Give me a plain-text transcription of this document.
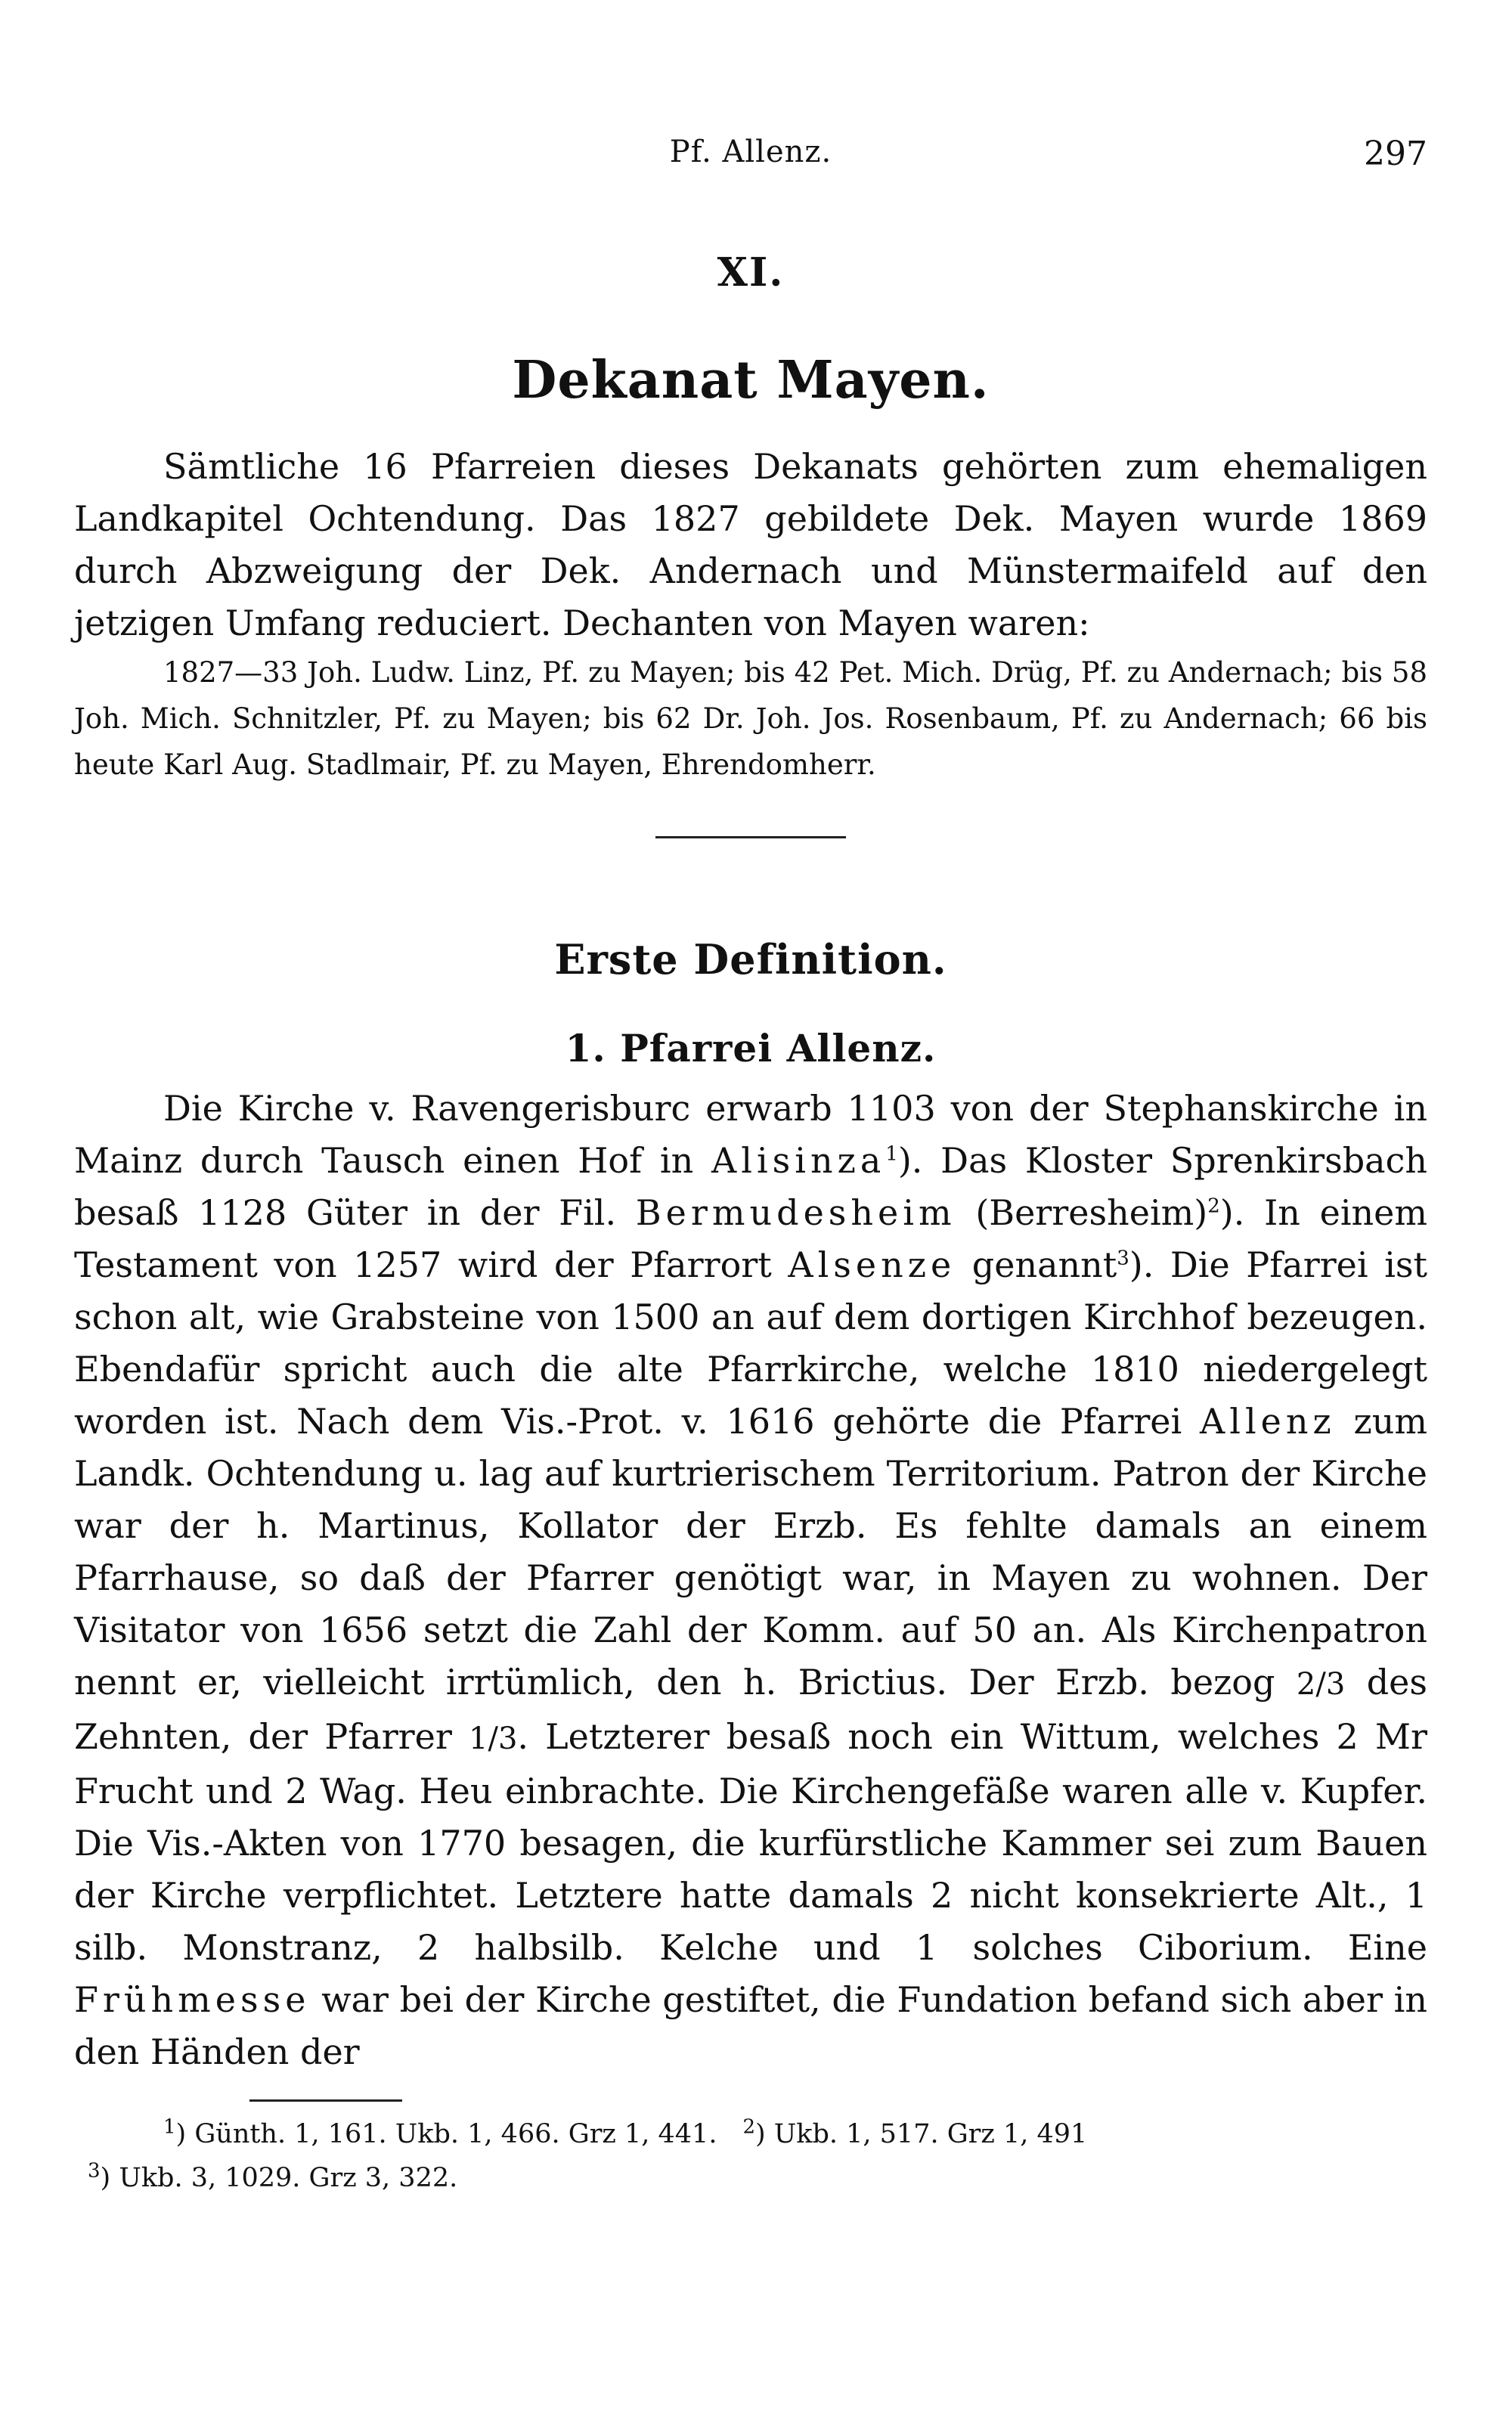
Pf. Allenz.	297
XI.
Dekanat Mayen.

Sämtliche 16 Pfarreien dieses Dekanats gehörten zum ehemaligen Landkapitel Ochtendung. Das 1827 gebildete Dek. Mayen wurde 1869 durch Abzweigung der Dek. Andernach und Münstermaifeld auf den jetzigen Umfang reduciert. Dechanten von Mayen waren:

1827—33 Joh. Ludw. Linz, Pf. zu Mayen; bis 42 Pet. Mich. Drüg, Pf. zu Andernach; bis 58 Joh. Mich. Schnitzler, Pf. zu Mayen; bis 62 Dr. Joh. Jos. Rosenbaum, Pf. zu Andernach; 66 bis heute Karl Aug. Stadlmair, Pf. zu Mayen, Ehrendomherr.

Erste Definition.
1. Pfarrei Allenz.

Die Kirche v. Ravengerisburc erwarb 1103 von der Stephanskirche in Mainz durch Tausch einen Hof in Alisinza$^1$). Das Kloster Sprenkirsbach besaß 1128 Güter in der Fil. Bermudesheim (Berresheim)$^2$). In einem Testament von 1257 wird der Pfarrort Alsenze genannt$^3$). Die Pfarrei ist schon alt, wie Grabsteine von 1500 an auf dem dortigen Kirchhof bezeugen. Ebendafür spricht auch die alte Pfarrkirche, welche 1810 niedergelegt worden ist. Nach dem Vis.-Prot. v. 1616 gehörte die Pfarrei Allenz zum Landk. Ochtendung u. lag auf kurtrierischem Territorium. Patron der Kirche war der h. Martinus, Kollator der Erzb. Es fehlte damals an einem Pfarrhause, so daß der Pfarrer genötigt war, in Mayen zu wohnen. Der Visitator von 1656 setzt die Zahl der Komm. auf 50 an. Als Kirchenpatron nennt er, vielleicht irrtümlich, den h. Brictius. Der Erzb. bezog 2/3 des Zehnten, der Pfarrer 1/3. Letzterer besaß noch ein Wittum, welches 2 Mr Frucht und 2 Wag. Heu einbrachte. Die Kirchengefäße waren alle v. Kupfer. Die Vis.-Akten von 1770 besagen, die kurfürstliche Kammer sei zum Bauen der Kirche verpflichtet. Letztere hatte damals 2 nicht konsekrierte Alt., 1 silb. Monstranz, 2 halbsilb. Kelche und 1 solches Ciborium. Eine Frühmesse war bei der Kirche gestiftet, die Fundation befand sich aber in den Händen der

$^1$) Günth. 1, 161. Ukb. 1, 466. Grz 1, 441. $^2$) Ukb. 1, 517. Grz 1, 491
$^3$) Ukb. 3, 1029. Grz 3, 322.
